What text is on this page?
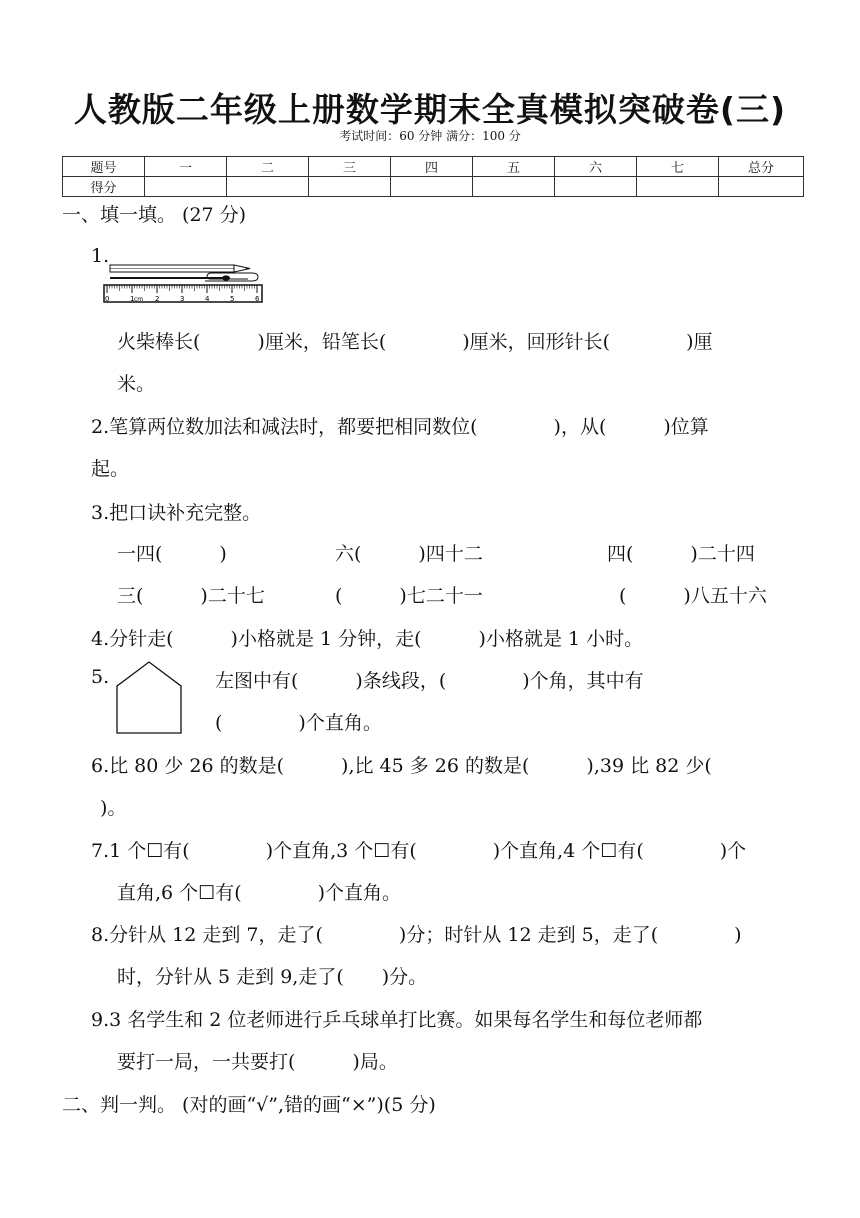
人教版二年级上册数学期末全真模拟突破卷(三)
考试时间：60 分钟 满分：100 分
题号	一	二	三	四	五	六	七	总分
得分								
一、填一填。 (27 分)
1.
0	1 cm 2	3	4	5	6
火柴棒长(　　　)厘米，铅笔长(　　　　)厘米，回形针长(　　　　)厘
米。
2.笔算两位数加法和减法时，都要把相同数位(　　　　)，从(　　　)位算
起。
3.把口诀补充完整。
一四(　　　)	六(　　　)四十二	四(　　　)二十四
三(　　　)二十七	(　　　)七二十一	(　　　)八五十六
4.分针走(　　　)小格就是 1 分钟，走(　　　)小格就是 1 小时。
5.	左图中有(　　　)条线段，(　　　　)个角，其中有
(　　　　)个直角。
6.比 80 少 26 的数是(　　　),比 45 多 26 的数是(　　　),39 比 82 少(
)。
7.1 个☐有(　　　　)个直角,3 个☐有(　　　　)个直角,4 个☐有(　　　　)个
直角,6 个☐有(　　　　)个直角。
8.分针从 12 走到 7，走了(　　　　)分；时针从 12 走到 5，走了(　　　　)
时，分针从 5 走到 9,走了(　　)分。
9.3 名学生和 2 位老师进行乒乓球单打比赛。如果每名学生和每位老师都
要打一局，一共要打(　　　)局。
二、判一判。 (对的画“√”,错的画“×”)(5 分)
